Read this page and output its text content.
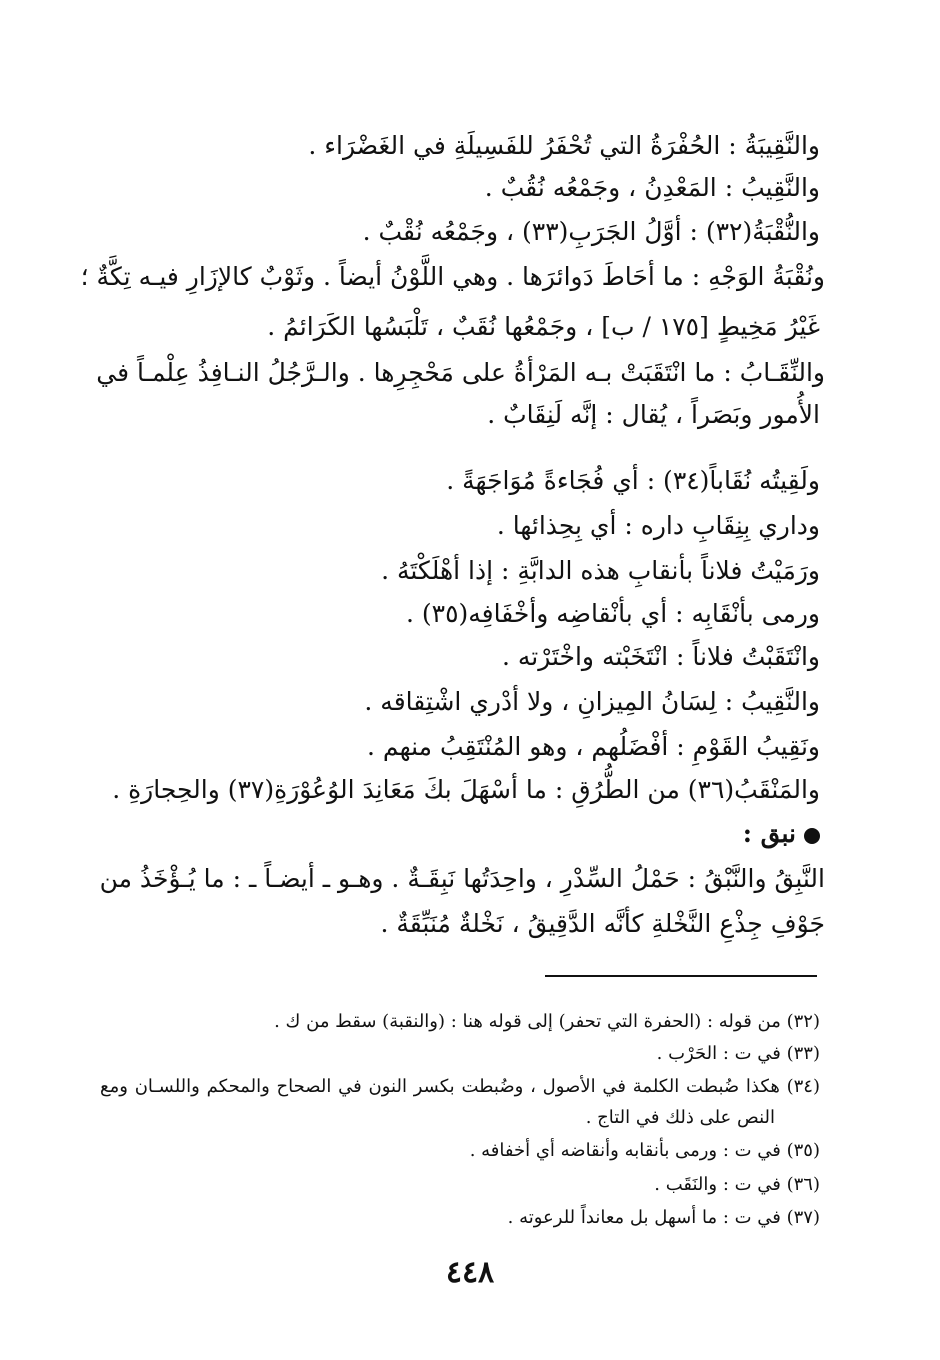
والنَّقِيبَةُ : الحُفْرَةُ التي تُحْفَرُ للفَسِيلَةِ في الغَضْرَاء .
والنَّقِيبُ : المَعْدِنُ ، وجَمْعُه نُقُبٌ .
والنُّقْبَةُ(٣٢) : أوَّلُ الجَرَبِ(٣٣) ، وجَمْعُه نُقْبٌ .
ونُقْبَةُ الوَجْهِ : ما أحَاطَ دَوائرَها . وهي اللَّوْنُ أيضاً . وثَوْبٌ كالإزَارِ فيـه تِكَّةٌ ؛
غَيْرُ مَخِيطٍ [١٧٥ / ب] ، وجَمْعُها نُقَبٌ ، تَلْبَسُها الكَرَائمُ .
والنِّقَـابُ : ما انْتَقَبَتْ بـه المَرْأةُ على مَحْجِرِها . والـرَّجُلُ النـافِذُ عِلْمـاً في
الأُمور وبَصَراً ، يُقال : إنَّه لَنِقَابٌ .
ولَقِيتُه نُقَاباً(٣٤) : أي فُجَاءةً مُوَاجَهَةً .
وداري بِنِقَابِ داره : أي بِحِذائها .
ورَمَيْتُ فلاناً بأنقابِ هذه الدابَّةِ : إذا أهْلَكْتَهُ .
ورمى بأنْقَابِه : أي بأنْقاضِه وأخْفَافِه(٣٥) .
وانْتَقَبْتُ فلاناً : انْتَخَبْته واخْتَرْته .
والنَّقِيبُ : لِسَانُ المِيزانِ ، ولا أدْري اشْتِقاقه .
ونَقِيبُ القَوْمِ : أفْضَلُهم ، وهو المُنْتَقِبُ منهم .
والمَنْقَبُ(٣٦) من الطُّرُقِ : ما أسْهَلَ بكَ مَعَانِدَ الوُعُوْرَةِ(٣٧) والحِجارَةِ .
نبق :
النَّبِقُ والنَّبْقُ : حَمْلُ السِّدْرِ ، واحِدَتُها نَبِقَـةٌ . وهـو ـ أيضـاً ـ : ما يُـؤْخَذُ من
جَوْفِ جِذْعِ النَّخْلةِ كأنَّه الدَّقِيقُ ، نَخْلةٌ مُنَبِّقَةٌ .
(٣٢) من قوله : (الحفرة التي تحفر) إلى قوله هنا : (والنقبة) سقط من ك .
(٣٣) في ت : الحَرْب .
(٣٤) هكذا ضُبطت الكلمة في الأصول ، وضُبطت بكسر النون في الصحاح والمحكم واللسـان ومع
النص على ذلك في التاج .
(٣٥) في ت : ورمى بأنقابه وأنقاضه أي أخفافه .
(٣٦) في ت : والنَقَب .
(٣٧) في ت : ما أسهل بل معانداً للرعوته .
٤٤٨
